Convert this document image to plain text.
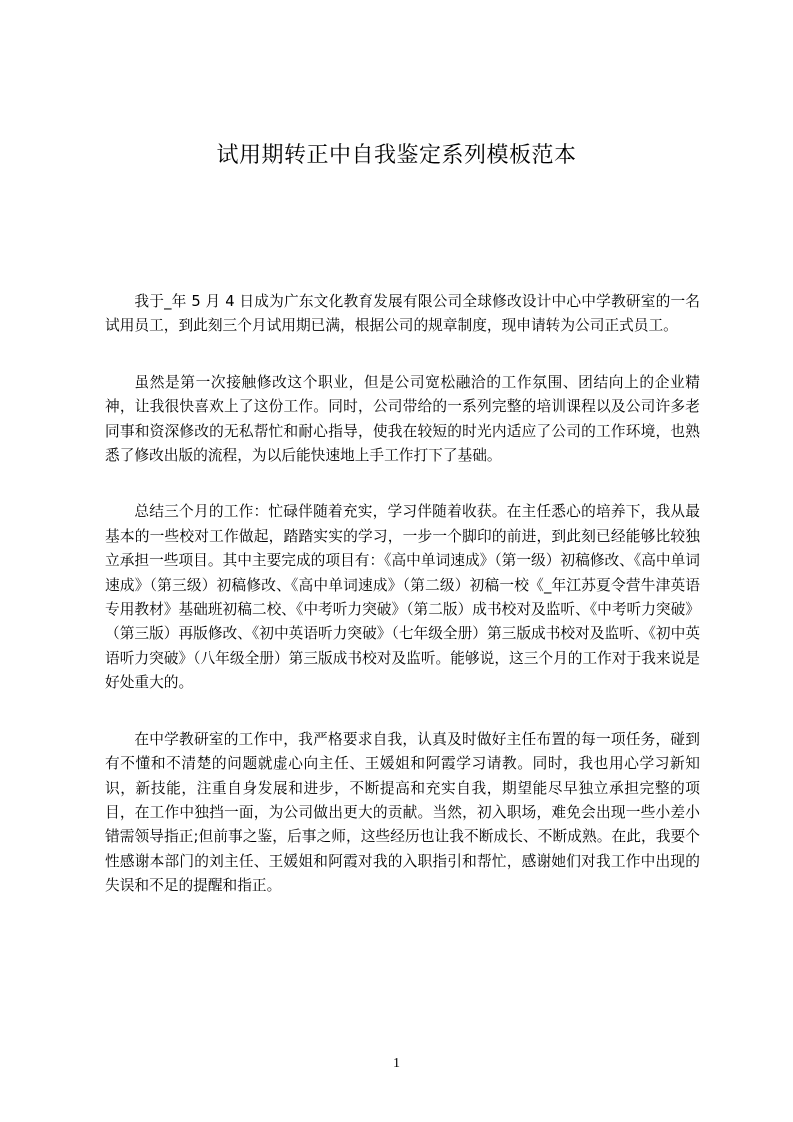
试用期转正中自我鉴定系列模板范本

我于_年 5 月 4 日成为广东文化教育发展有限公司全球修改设计中心中学教研室的一名试用员工，到此刻三个月试用期已满，根据公司的规章制度，现申请转为公司正式员工。

虽然是第一次接触修改这个职业，但是公司宽松融洽的工作氛围、团结向上的企业精神，让我很快喜欢上了这份工作。同时，公司带给的一系列完整的培训课程以及公司许多老同事和资深修改的无私帮忙和耐心指导，使我在较短的时光内适应了公司的工作环境，也熟悉了修改出版的流程，为以后能快速地上手工作打下了基础。

总结三个月的工作：忙碌伴随着充实，学习伴随着收获。在主任悉心的培养下，我从最基本的一些校对工作做起，踏踏实实的学习，一步一个脚印的前进，到此刻已经能够比较独立承担一些项目。其中主要完成的项目有：《高中单词速成》（第一级）初稿修改、《高中单词速成》（第三级）初稿修改、《高中单词速成》（第二级）初稿一校《_年江苏夏令营牛津英语专用教材》基础班初稿二校、《中考听力突破》（第二版）成书校对及监听、《中考听力突破》（第三版）再版修改、《初中英语听力突破》（七年级全册）第三版成书校对及监听、《初中英语听力突破》（八年级全册）第三版成书校对及监听。能够说，这三个月的工作对于我来说是好处重大的。

在中学教研室的工作中，我严格要求自我，认真及时做好主任布置的每一项任务，碰到有不懂和不清楚的问题就虚心向主任、王媛姐和阿霞学习请教。同时，我也用心学习新知识，新技能，注重自身发展和进步，不断提高和充实自我，期望能尽早独立承担完整的项目，在工作中独挡一面，为公司做出更大的贡献。当然，初入职场，难免会出现一些小差小错需领导指正;但前事之鉴，后事之师，这些经历也让我不断成长、不断成熟。在此，我要个性感谢本部门的刘主任、王媛姐和阿霞对我的入职指引和帮忙，感谢她们对我工作中出现的失误和不足的提醒和指正。

1
